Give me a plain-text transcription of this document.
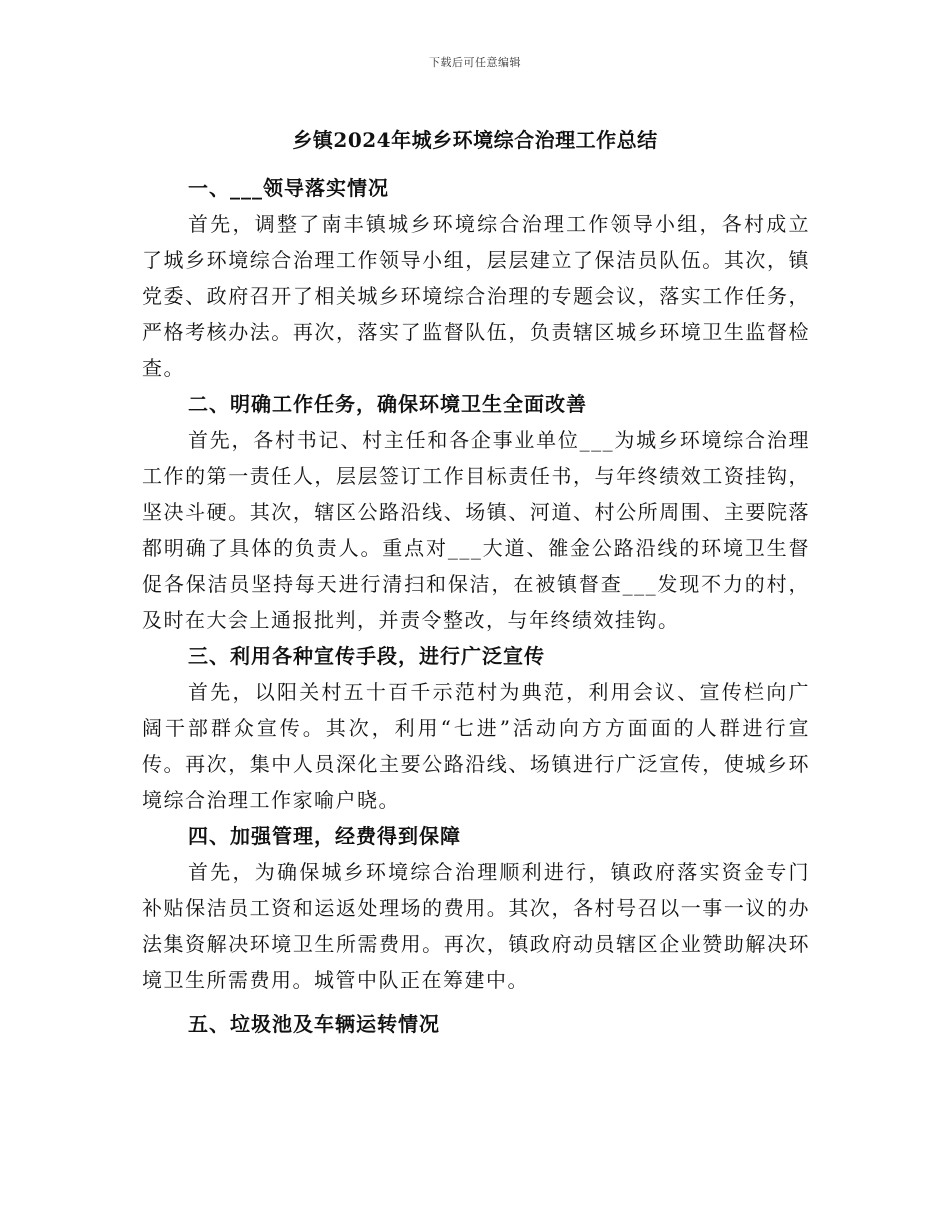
下载后可任意编辑
乡镇2024年城乡环境综合治理工作总结
一、___领导落实情况

首先，调整了南丰镇城乡环境综合治理工作领导小组，各村成立了城乡环境综合治理工作领导小组，层层建立了保洁员队伍。其次，镇党委、政府召开了相关城乡环境综合治理的专题会议，落实工作任务，严格考核办法。再次，落实了监督队伍，负责辖区城乡环境卫生监督检查。

二、明确工作任务，确保环境卫生全面改善

首先，各村书记、村主任和各企事业单位___为城乡环境综合治理工作的第一责任人，层层签订工作目标责任书，与年终绩效工资挂钩，坚决斗硬。其次，辖区公路沿线、场镇、河道、村公所周围、主要院落都明确了具体的负责人。重点对___大道、雒金公路沿线的环境卫生督促各保洁员坚持每天进行清扫和保洁，在被镇督查___发现不力的村，及时在大会上通报批判，并责令整改，与年终绩效挂钩。

三、利用各种宣传手段，进行广泛宣传

首先，以阳关村五十百千示范村为典范，利用会议、宣传栏向广阔干部群众宣传。其次，利用“七进”活动向方方面面的人群进行宣传。再次，集中人员深化主要公路沿线、场镇进行广泛宣传，使城乡环境综合治理工作家喻户晓。

四、加强管理，经费得到保障

首先，为确保城乡环境综合治理顺利进行，镇政府落实资金专门补贴保洁员工资和运返处理场的费用。其次，各村号召以一事一议的办法集资解决环境卫生所需费用。再次，镇政府动员辖区企业赞助解决环境卫生所需费用。城管中队正在筹建中。

五、垃圾池及车辆运转情况
